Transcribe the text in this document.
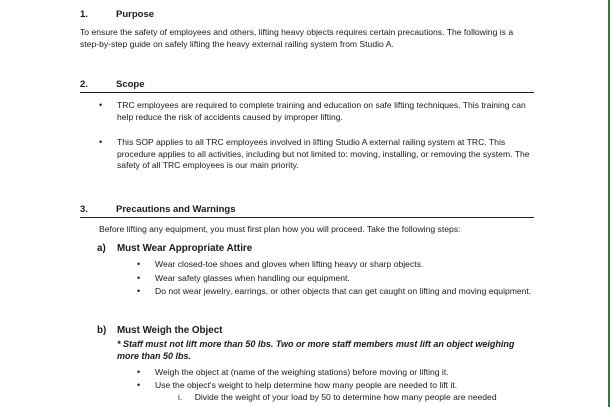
1.	Purpose
To ensure the safety of employees and others, lifting heavy objects requires certain precautions. The following is a step-by-step guide on safely lifting the heavy external railing system from Studio A.
2.	Scope
• TRC employees are required to complete training and education on safe lifting techniques. This training can help reduce the risk of accidents caused by improper lifting.
• This SOP applies to all TRC employees involved in lifting Studio A external railing system at TRC. This procedure applies to all activities, including but not limited to: moving, installing, or removing the system. The safety of all TRC employees is our main priority.
3.	Precautions and Warnings
Before lifting any equipment, you must first plan how you will proceed. Take the following steps:
a) Must Wear Appropriate Attire
• Wear closed-toe shoes and gloves when lifting heavy or sharp objects.
• Wear safety glasses when handling our equipment.
• Do not wear jewelry, earrings, or other objects that can get caught on lifting and moving equipment.
b) Must Weigh the Object
* Staff must not lift more than 50 lbs. Two or more staff members must lift an object weighing more than 50 lbs.
• Weigh the object at (name of the weighing stations) before moving or lifting it.
• Use the object's weight to help determine how many people are needed to lift it.
i. Divide the weight of your load by 50 to determine how many people are needed
